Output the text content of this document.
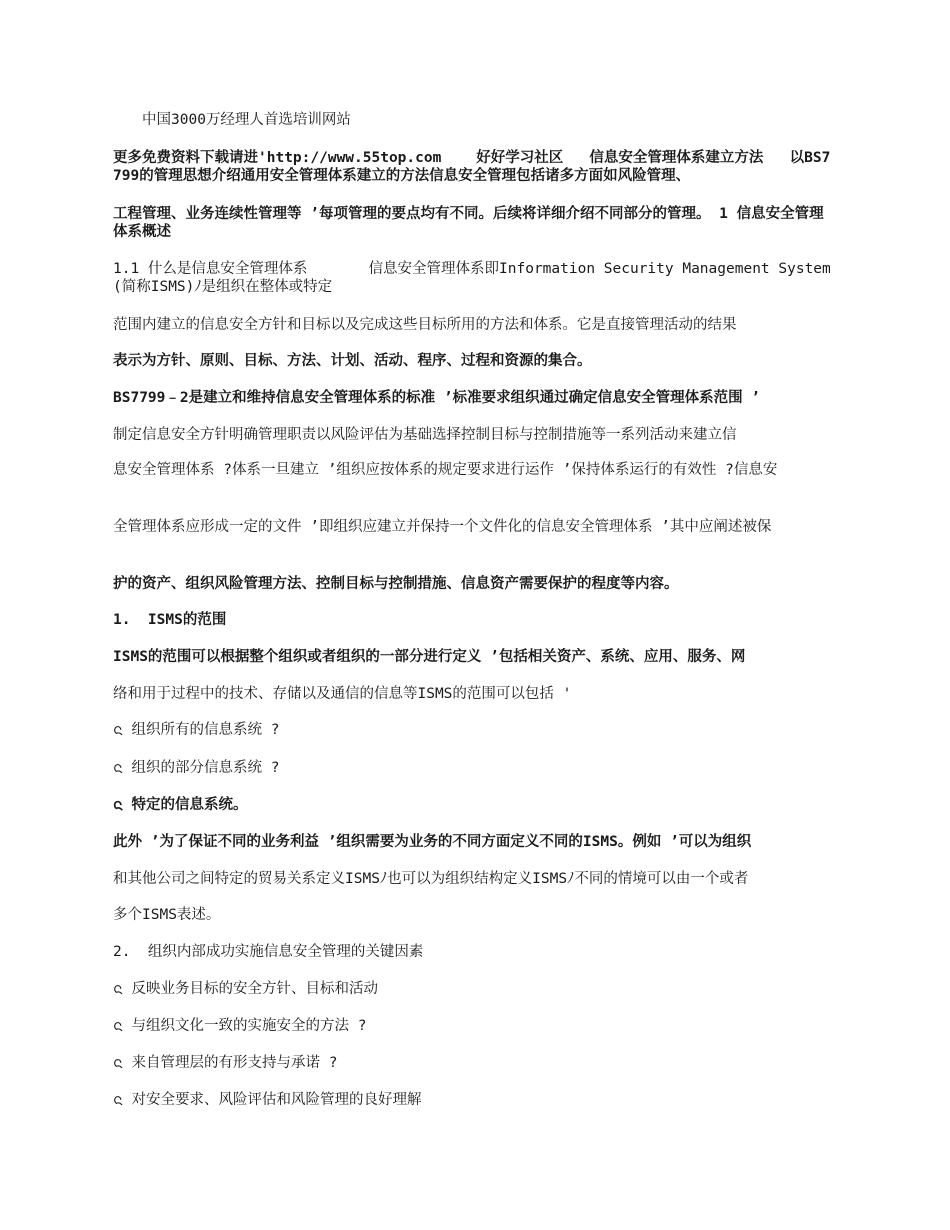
中国3000万经理人首选培训网站
更多免费资料下载请进ꞌhttp://www.55top.com    好好学习社区   信息安全管理体系建立方法   以BS7799的管理思想介绍通用安全管理体系建立的方法信息安全管理包括诸多方面如风险管理、
工程管理、业务连续性管理等 ’每项管理的要点均有不同。后续将详细介绍不同部分的管理。 1 信息安全管理体系概述
1.1 什么是信息安全管理体系       信息安全管理体系即Information Security Management System(简称ISMS)ﾉ是组织在整体或特定
范围内建立的信息安全方针和目标以及完成这些目标所用的方法和体系。它是直接管理活动的结果
表示为方针、原则、目标、方法、计划、活动、程序、过程和资源的集合。
BS7799﹣2是建立和维持信息安全管理体系的标准 ’标准要求组织通过确定信息安全管理体系范围 ’
制定信息安全方针明确管理职责以风险评估为基础选择控制目标与控制措施等一系列活动来建立信
息安全管理体系 ?体系一旦建立 ’组织应按体系的规定要求进行运作 ’保持体系运行的有效性 ?信息安
全管理体系应形成一定的文件 ’即组织应建立并保持一个文件化的信息安全管理体系 ’其中应阐述被保
护的资产、组织风险管理方法、控制目标与控制措施、信息资产需要保护的程度等内容。
1.  ISMS的范围
ISMS的范围可以根据整个组织或者组织的一部分进行定义 ’包括相关资产、系统、应用、服务、网
络和用于过程中的技术、存储以及通信的信息等ISMS的范围可以包括 ꞌ
ᨶ 组织所有的信息系统 ?
ᨶ 组织的部分信息系统 ?
ᨶ 特定的信息系统。
此外 ’为了保证不同的业务利益 ’组织需要为业务的不同方面定义不同的ISMS。例如 ’可以为组织
和其他公司之间特定的贸易关系定义ISMSﾉ也可以为组织结构定义ISMSﾉ不同的情境可以由一个或者
多个ISMS表述。
2.  组织内部成功实施信息安全管理的关键因素
ᨶ 反映业务目标的安全方针、目标和活动
ᨶ 与组织文化一致的实施安全的方法 ?
ᨶ 来自管理层的有形支持与承诺 ?
ᨶ 对安全要求、风险评估和风险管理的良好理解
